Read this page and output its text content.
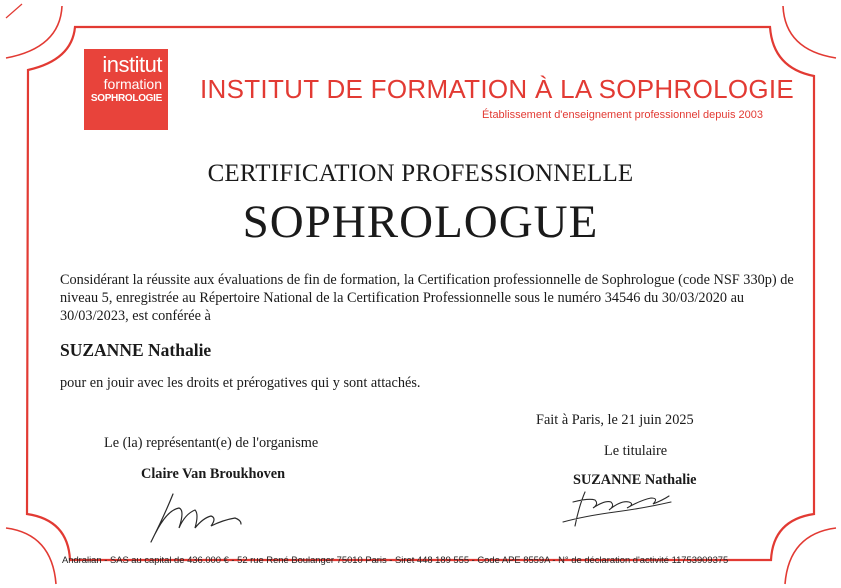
institut
formation
SOPHROLOGIE INSTITUT DE FORMATION À LA SOPHROLOGIE
Établissement d'enseignement professionnel depuis 2003
CERTIFICATION PROFESSIONNELLE
SOPHROLOGUE
Considérant la réussite aux évaluations de fin de formation, la Certification professionnelle de Sophrologue (code NSF 330p) de niveau 5, enregistrée au Répertoire National de la Certification Professionnelle sous le numéro 34546 du 30/03/2020 au 30/03/2023, est conférée à
SUZANNE Nathalie
pour en jouir avec les droits et prérogatives qui y sont attachés.
Fait à Paris, le 21 juin 2025
Le (la) représentant(e) de l'organisme	Le titulaire
Claire Van Broukhoven	SUZANNE Nathalie
Andralian - SAS au capital de 436.000 € - 52 rue René Boulanger 75010 Paris - Siret 448 189 555 - Code APE 8559A - N° de déclaration d'activité 11753909375
